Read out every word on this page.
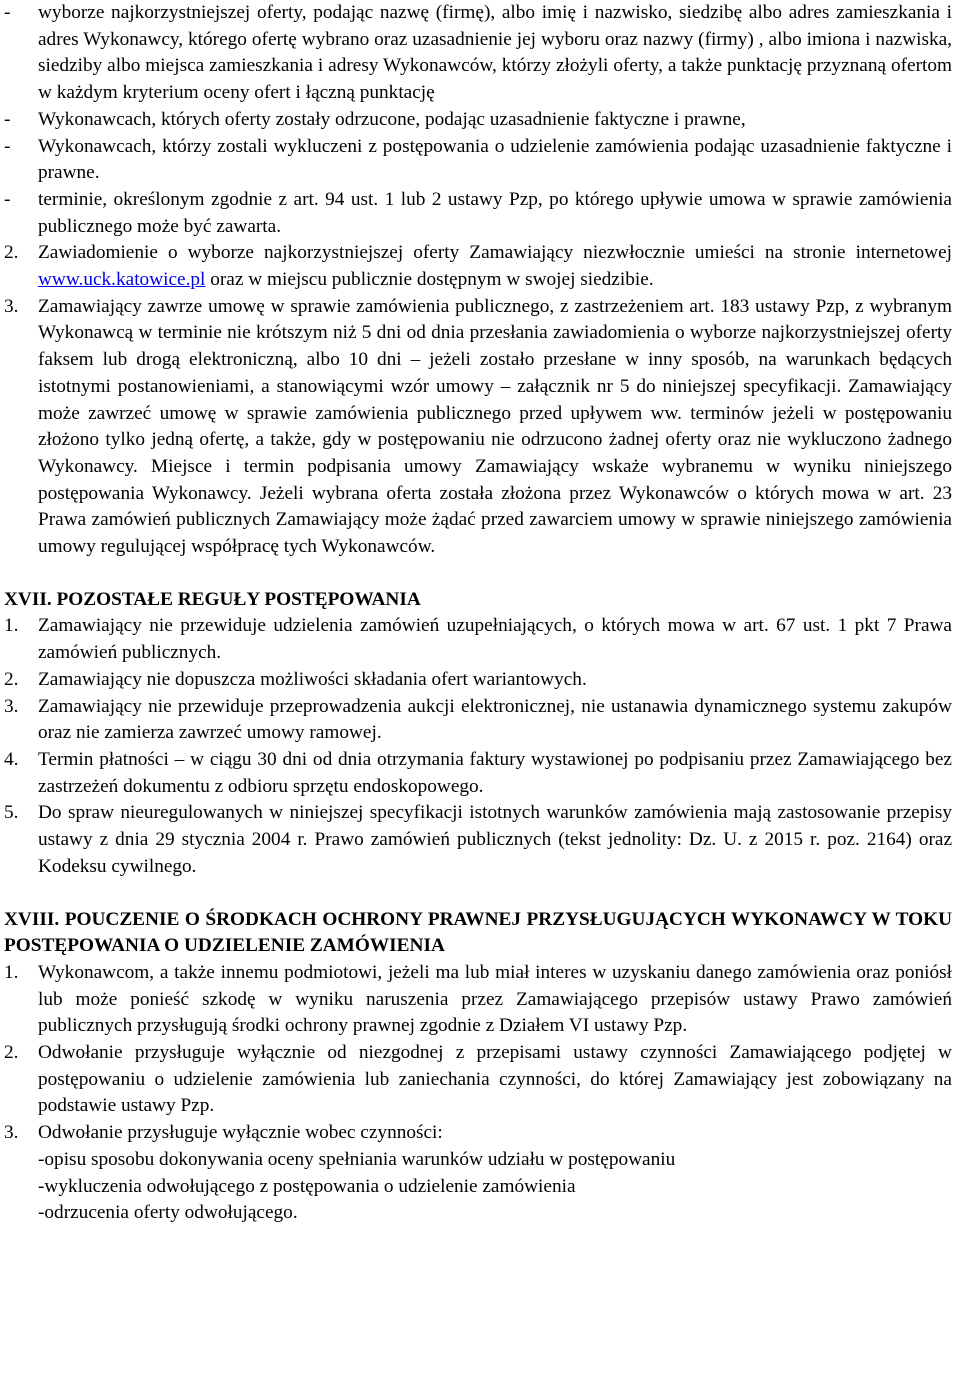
- wyborze najkorzystniejszej oferty, podając nazwę (firmę), albo imię i nazwisko, siedzibę albo adres zamieszkania i adres Wykonawcy, którego ofertę wybrano oraz uzasadnienie jej wyboru oraz nazwy (firmy) , albo imiona i nazwiska, siedziby albo miejsca zamieszkania i adresy Wykonawców, którzy złożyli oferty, a także punktację przyznaną ofertom w każdym kryterium oceny ofert i łączną punktację

- Wykonawcach, których oferty zostały odrzucone, podając uzasadnienie faktyczne i prawne,

- Wykonawcach, którzy zostali wykluczeni z postępowania o udzielenie zamówienia podając uzasadnienie faktyczne i prawne.

- terminie, określonym zgodnie z art. 94 ust. 1 lub 2 ustawy Pzp, po którego upływie umowa w sprawie zamówienia publicznego może być zawarta.

2. Zawiadomienie o wyborze najkorzystniejszej oferty Zamawiający niezwłocznie umieści na stronie internetowej www.uck.katowice.pl oraz w miejscu publicznie dostępnym w swojej siedzibie.

3. Zamawiający zawrze umowę w sprawie zamówienia publicznego, z zastrzeżeniem art. 183 ustawy Pzp, z wybranym Wykonawcą w terminie nie krótszym niż 5 dni od dnia przesłania zawiadomienia o wyborze najkorzystniejszej oferty faksem lub drogą elektroniczną, albo 10 dni – jeżeli zostało przesłane w inny sposób, na warunkach będących istotnymi postanowieniami, a stanowiącymi wzór umowy – załącznik nr 5 do niniejszej specyfikacji. Zamawiający może zawrzeć umowę w sprawie zamówienia publicznego przed upływem ww. terminów jeżeli w postępowaniu złożono tylko jedną ofertę, a także, gdy w postępowaniu nie odrzucono żadnej oferty oraz nie wykluczono żadnego Wykonawcy. Miejsce i termin podpisania umowy Zamawiający wskaże wybranemu w wyniku niniejszego postępowania Wykonawcy. Jeżeli wybrana oferta została złożona przez Wykonawców o których mowa w art. 23 Prawa zamówień publicznych Zamawiający może żądać przed zawarciem umowy w sprawie niniejszego zamówienia umowy regulującej współpracę tych Wykonawców.

XVII. POZOSTAŁE REGUŁY POSTĘPOWANIA

1. Zamawiający nie przewiduje udzielenia zamówień uzupełniających, o których mowa w art. 67 ust. 1 pkt 7 Prawa zamówień publicznych.

2. Zamawiający nie dopuszcza możliwości składania ofert wariantowych.

3. Zamawiający nie przewiduje przeprowadzenia aukcji elektronicznej, nie ustanawia dynamicznego systemu zakupów oraz nie zamierza zawrzeć umowy ramowej.

4. Termin płatności – w ciągu 30 dni od dnia otrzymania faktury wystawionej po podpisaniu przez Zamawiającego bez zastrzeżeń dokumentu z odbioru sprzętu endoskopowego.

5. Do spraw nieuregulowanych w niniejszej specyfikacji istotnych warunków zamówienia mają zastosowanie przepisy ustawy z dnia 29 stycznia 2004 r. Prawo zamówień publicznych (tekst jednolity: Dz. U. z 2015 r. poz. 2164) oraz Kodeksu cywilnego.

XVIII. POUCZENIE O ŚRODKACH OCHRONY PRAWNEJ PRZYSŁUGUJĄCYCH WYKONAWCY W TOKU POSTĘPOWANIA O UDZIELENIE ZAMÓWIENIA

1. Wykonawcom, a także innemu podmiotowi, jeżeli ma lub miał interes w uzyskaniu danego zamówienia oraz poniósł lub może ponieść szkodę w wyniku naruszenia przez Zamawiającego przepisów ustawy Prawo zamówień publicznych przysługują środki ochrony prawnej zgodnie z Działem VI ustawy Pzp.

2. Odwołanie przysługuje wyłącznie od niezgodnej z przepisami ustawy czynności Zamawiającego podjętej w postępowaniu o udzielenie zamówienia lub zaniechania czynności, do której Zamawiający jest zobowiązany na podstawie ustawy Pzp.

3. Odwołanie przysługuje wyłącznie wobec czynności:

-opisu sposobu dokonywania oceny spełniania warunków udziału w postępowaniu

-wykluczenia odwołującego z postępowania o udzielenie zamówienia

-odrzucenia oferty odwołującego.
